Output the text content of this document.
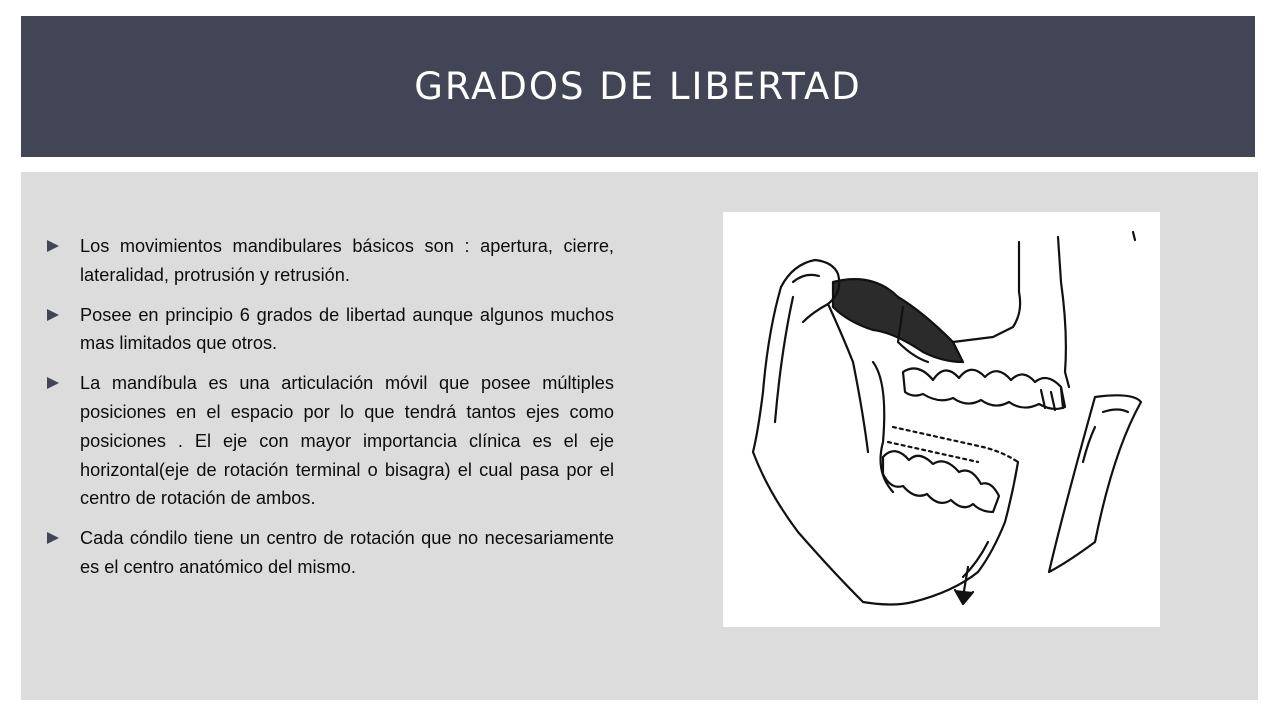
GRADOS DE LIBERTAD
Los movimientos mandibulares básicos son : apertura, cierre, lateralidad, protrusión y retrusión.
Posee en principio 6 grados de libertad aunque algunos muchos mas limitados que otros.
La mandíbula es una articulación móvil que posee múltiples posiciones en el espacio por lo que tendrá tantos ejes como posiciones . El eje con mayor importancia clínica es el eje horizontal(eje de rotación terminal o bisagra) el cual pasa por el centro de rotación de ambos.
Cada cóndilo tiene un centro de rotación que no necesariamente es el centro anatómico del mismo.
